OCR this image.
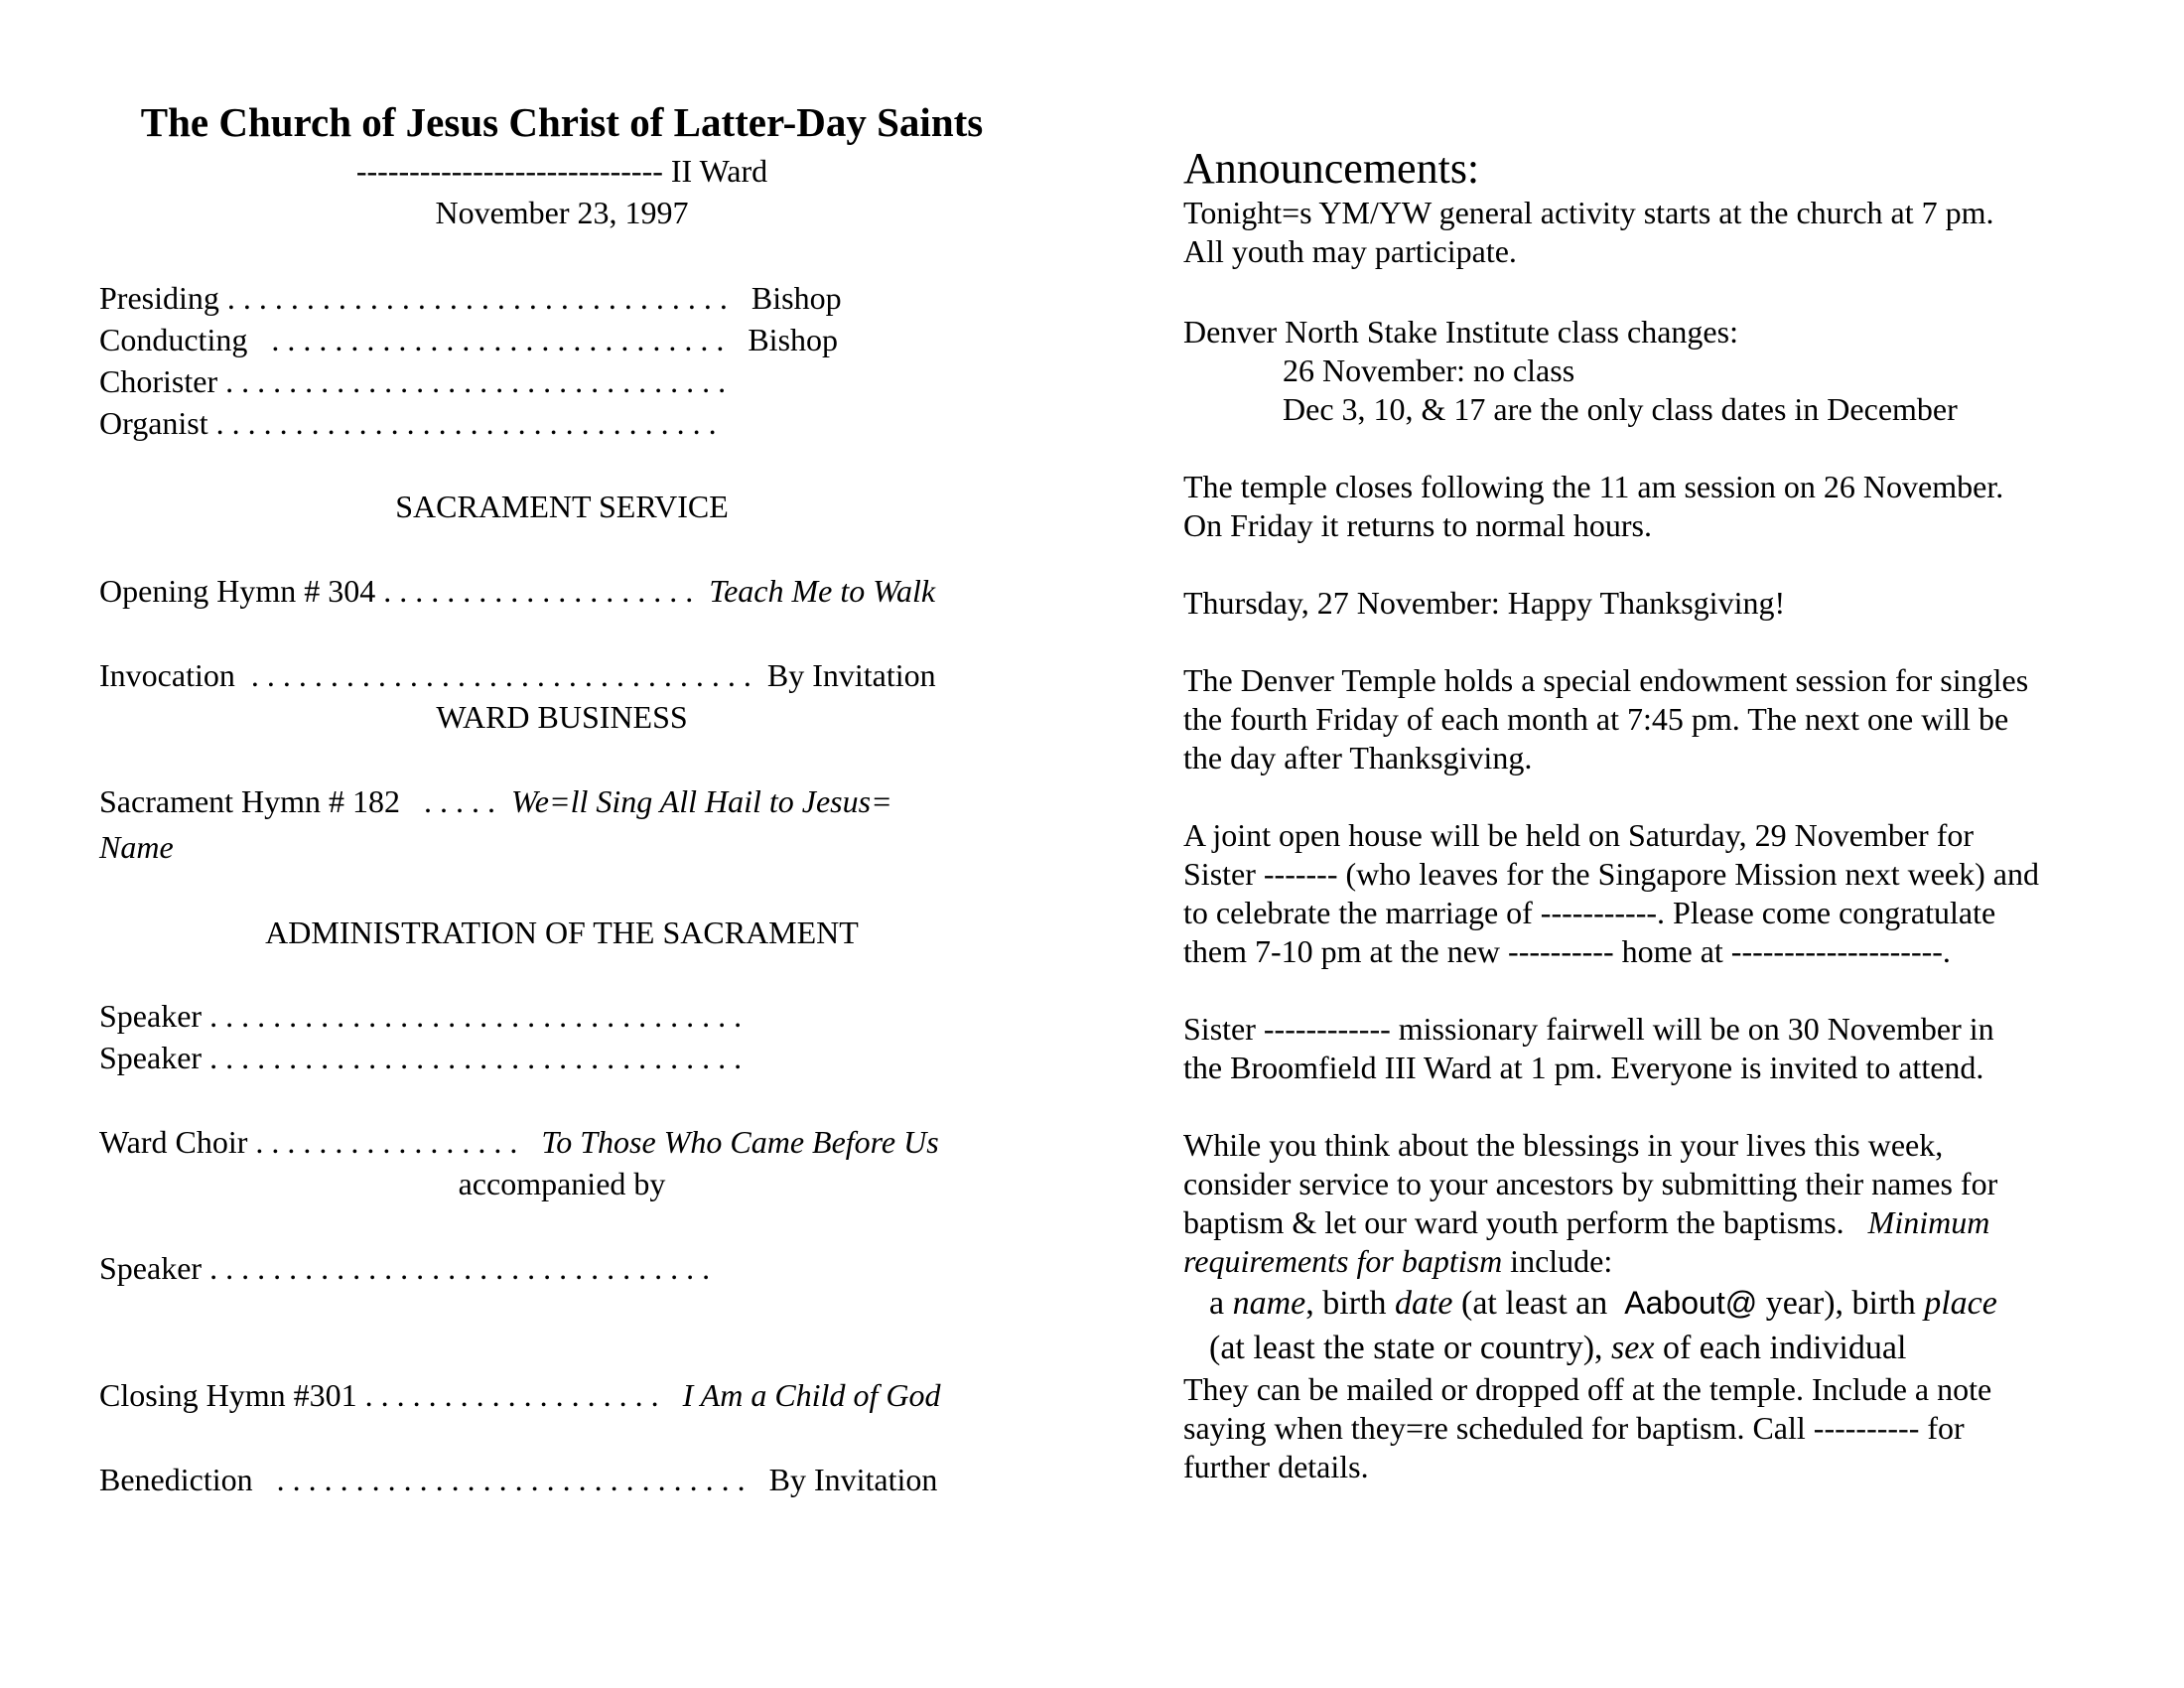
The Church of Jesus Christ of Latter-Day Saints
----------------------------- II Ward
November 23, 1997
Presiding . . . . . . . . . . . . . . . . . . . . . . . . . . . . . . . .   Bishop
Conducting   . . . . . . . . . . . . . . . . . . . . . . . . . . . . .   Bishop
Chorister . . . . . . . . . . . . . . . . . . . . . . . . . . . . . . . .
Organist . . . . . . . . . . . . . . . . . . . . . . . . . . . . . . . .
SACRAMENT SERVICE
Opening Hymn # 304 . . . . . . . . . . . . . . . . . . . .  Teach Me to Walk
Invocation  . . . . . . . . . . . . . . . . . . . . . . . . . . . . . . . .  By Invitation
WARD BUSINESS
Sacrament Hymn # 182   . . . . .  We=ll Sing All Hail to Jesus=
Name
ADMINISTRATION OF THE SACRAMENT
Speaker . . . . . . . . . . . . . . . . . . . . . . . . . . . . . . . . . .
Speaker . . . . . . . . . . . . . . . . . . . . . . . . . . . . . . . . . .
Ward Choir . . . . . . . . . . . . . . . . .   To Those Who Came Before Us
accompanied by
Speaker . . . . . . . . . . . . . . . . . . . . . . . . . . . . . . . .
Closing Hymn #301 . . . . . . . . . . . . . . . . . . .   I Am a Child of God
Benediction   . . . . . . . . . . . . . . . . . . . . . . . . . . . . . .   By Invitation
Announcements:
Tonight=s YM/YW general activity starts at the church at 7 pm.
All youth may participate.
Denver North Stake Institute class changes:
26 November: no class
Dec 3, 10, & 17 are the only class dates in December
The temple closes following the 11 am session on 26 November.
On Friday it returns to normal hours.
Thursday, 27 November: Happy Thanksgiving!
The Denver Temple holds a special endowment session for singles
the fourth Friday of each month at 7:45 pm. The next one will be
the day after Thanksgiving.
A joint open house will be held on Saturday, 29 November for
Sister ------- (who leaves for the Singapore Mission next week) and
to celebrate the marriage of -----------. Please come congratulate
them 7-10 pm at the new ---------- home at --------------------.
Sister ------------ missionary fairwell will be on 30 November in
the Broomfield III Ward at 1 pm. Everyone is invited to attend.
While you think about the blessings in your lives this week,
consider service to your ancestors by submitting their names for
baptism & let our ward youth perform the baptisms.   Minimum
requirements for baptism include:
a name, birth date (at least an  Aabout@ year), birth place
(at least the state or country), sex of each individual
They can be mailed or dropped off at the temple. Include a note
saying when they=re scheduled for baptism. Call ---------- for
further details.
